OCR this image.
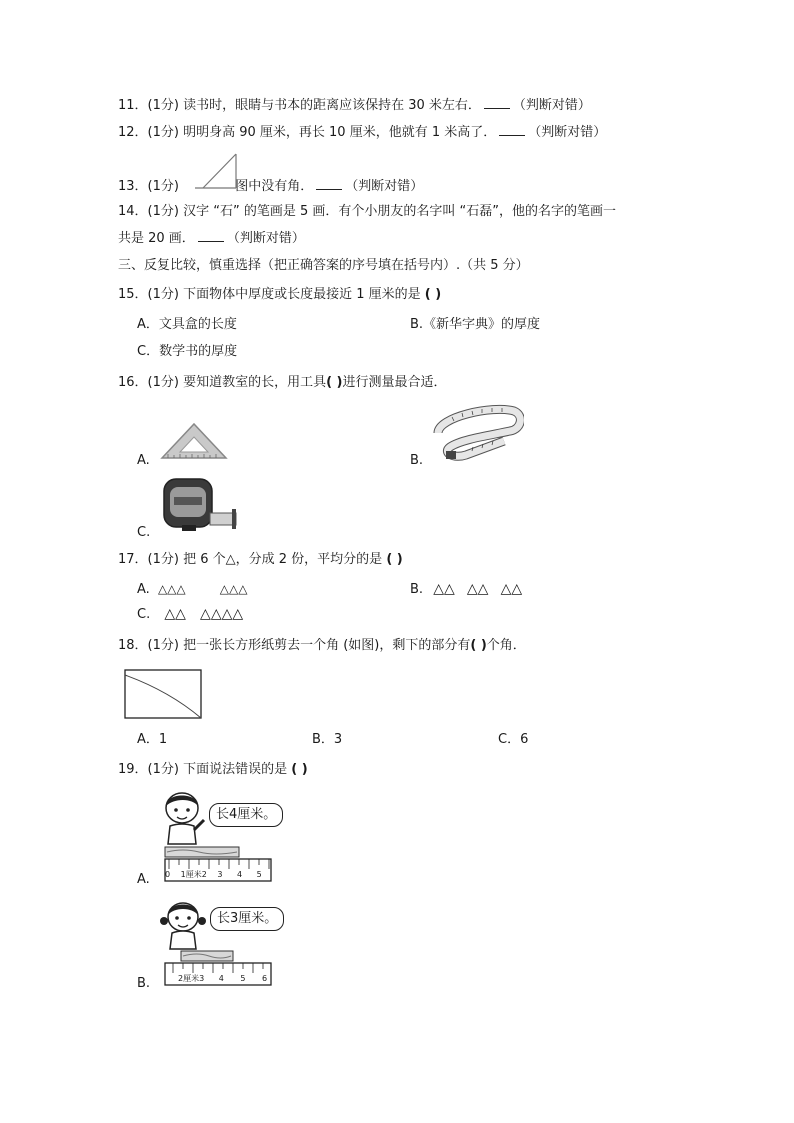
11．(1分) 读书时，眼睛与书本的距离应该保持在 30 米左右． （判断对错）
12．(1分) 明明身高 90 厘米，再长 10 厘米，他就有 1 米高了． （判断对错）
13．(1分)	图中没有角． （判断对错）
14．(1分) 汉字 “石” 的笔画是 5 画．有个小朋友的名字叫 “石磊”，他的名字的笔画一
共是 20 画． （判断对错）
三、反复比较，慎重选择（把正确答案的序号填在括号内）.（共 5 分）
15．(1分) 下面物体中厚度或长度最接近 1 厘米的是 ( )
A．文具盒的长度	B.《新华字典》的厚度
C．数学书的厚度
16．(1分) 要知道教室的长，用工具( )进行测量最合适．
A.	B.
C.
17．(1分) 把 6 个△，分成 2 份，平均分的是 ( )
A. △△△	△△△	B. △△ △△ △△
C. △△ △△△△
18．(1分) 把一张长方形纸剪去一个角 (如图)，剩下的部分有( )个角．
A．1	B．3	C．6
19．(1分) 下面说法错误的是 ( )
A.
长4厘米。
0 1厘米2 3 4 5
B.
长3厘米。
2厘米3 4 5 6
